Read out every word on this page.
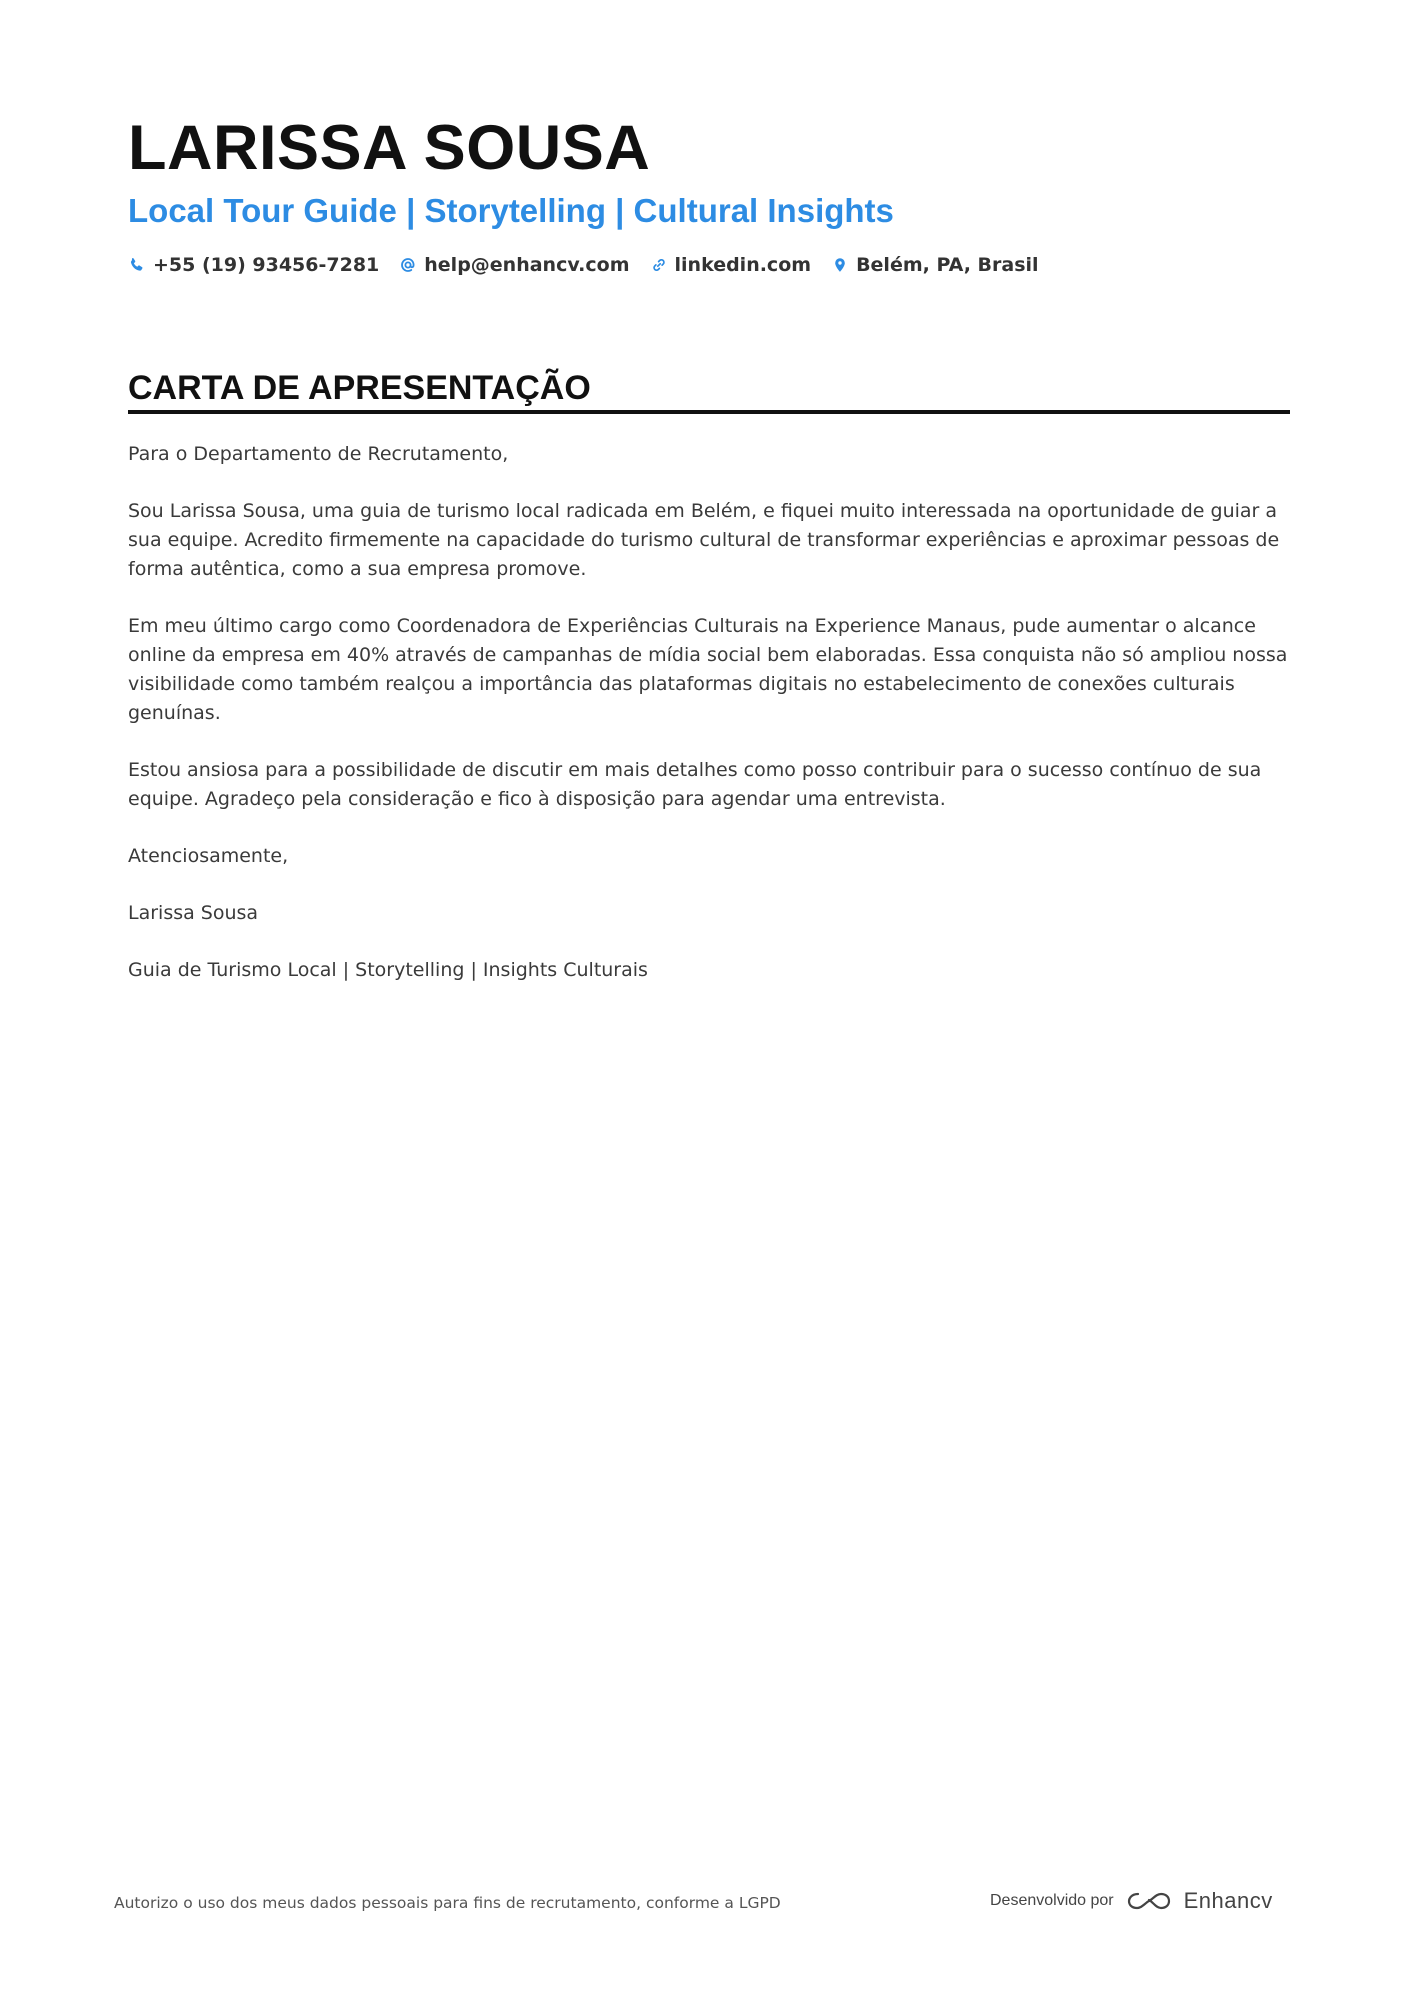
LARISSA SOUSA
Local Tour Guide | Storytelling | Cultural Insights
+55 (19) 93456-7281 help@enhancv.com linkedin.com Belém, PA, Brasil
CARTA DE APRESENTAÇÃO

Para o Departamento de Recrutamento,

Sou Larissa Sousa, uma guia de turismo local radicada em Belém, e fiquei muito interessada na oportunidade de guiar a sua equipe. Acredito firmemente na capacidade do turismo cultural de transformar experiências e aproximar pessoas de forma autêntica, como a sua empresa promove.

Em meu último cargo como Coordenadora de Experiências Culturais na Experience Manaus, pude aumentar o alcance online da empresa em 40% através de campanhas de mídia social bem elaboradas. Essa conquista não só ampliou nossa visibilidade como também realçou a importância das plataformas digitais no estabelecimento de conexões culturais genuínas.

Estou ansiosa para a possibilidade de discutir em mais detalhes como posso contribuir para o sucesso contínuo de sua equipe. Agradeço pela consideração e fico à disposição para agendar uma entrevista.

Atenciosamente,

Larissa Sousa

Guia de Turismo Local | Storytelling | Insights Culturais

Autorizo o uso dos meus dados pessoais para fins de recrutamento, conforme a LGPD	Desenvolvido por	Enhancv
